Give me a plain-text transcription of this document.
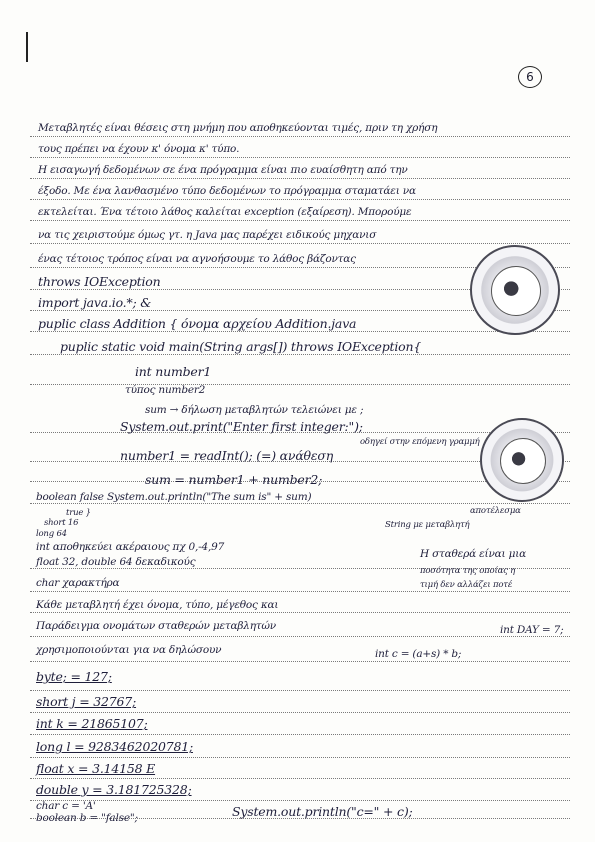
6
Μεταβλητές είναι θέσεις στη μνήμη που αποθηκεύονται τιμές, πριν τη χρήση
τους πρέπει να έχουν κ' όνομα κ' τύπο.
Η εισαγωγή δεδομένων σε ένα πρόγραμμα είναι πιο ευαίσθητη από την
έξοδο. Με ένα λανθασμένο τύπο δεδομένων το πρόγραμμα σταματάει να
εκτελείται. Ένα τέτοιο λάθος καλείται exception (εξαίρεση). Μπορούμε
να τις χειριστούμε όμως γτ. η Java μας παρέχει ειδικούς μηχανισ
ένας τέτοιος τρόπος είναι να αγνοήσουμε το λάθος βάζοντας
throws IOException
import java.io.*; &
puplic class Addition { όνομα αρχείου Addition.java
puplic static void main(String args[]) throws IOException{
int number1
τύπος number2
sum → δήλωση μεταβλητών τελειώνει με ;
System.out.print("Enter first integer:");
number1 = readInt(); (=) ανάθεση
sum = number1 + number2;
boolean false System.out.println("The sum is" + sum)
true }
short 16
long 64
int αποθηκεύει ακέραιους πχ 0,-4,97
float 32, double 64 δεκαδικούς
char χαρακτήρα
Κάθε μεταβλητή έχει όνομα, τύπο, μέγεθος και
Παράδειγμα ονομάτων σταθερών μεταβλητών
χρησιμοποιούνται για να δηλώσουν
byte; = 127;
short j = 32767;
int k = 21865107;
long l = 9283462020781;
float x = 3.14158 E
double y = 3.181725328;
char c = 'A'
boolean b = "false";	System.out.println("c=" + c);
οδηγεί στην επόμενη γραμμή
αποτέλεσμα
String με μεταβλητή
Η σταθερά είναι μια
ποσότητα της οποίας η
τιμή δεν αλλάζει ποτέ
int DAY = 7;
int c = (a+s) * b;
